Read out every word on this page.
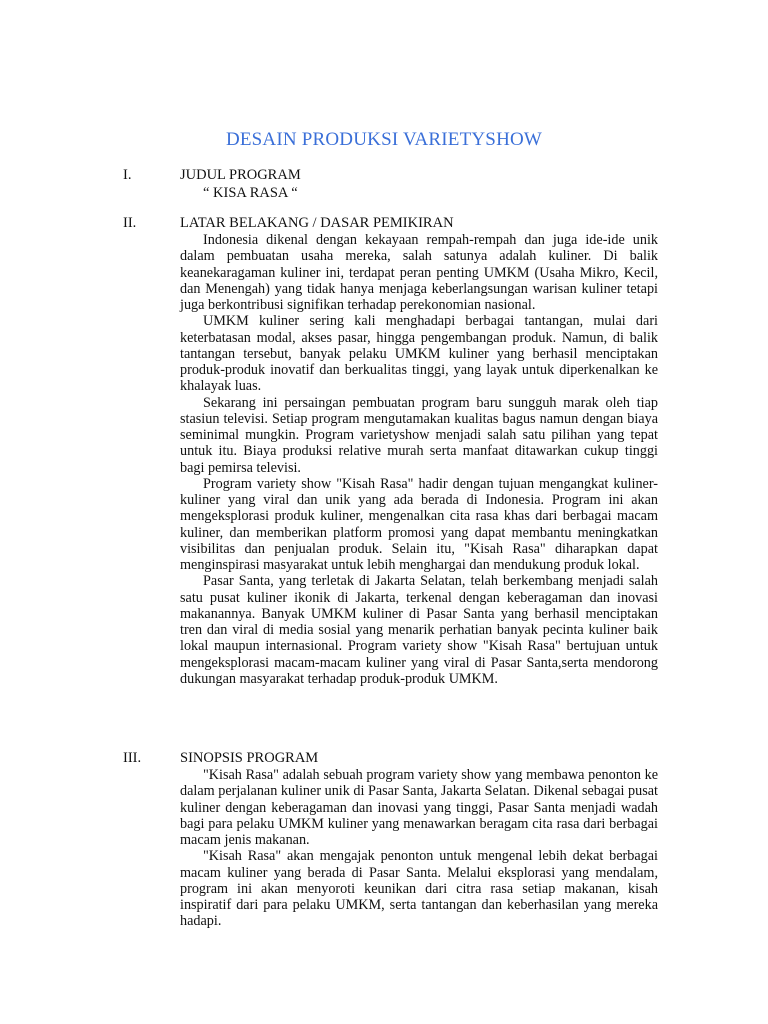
DESAIN PRODUKSI VARIETYSHOW
I.	JUDUL PROGRAM
“ KISA RASA “
II.	LATAR BELAKANG / DASAR PEMIKIRAN

Indonesia dikenal dengan kekayaan rempah-rempah dan juga ide-ide unik dalam pembuatan usaha mereka, salah satunya adalah kuliner. Di balik keanekaragaman kuliner ini, terdapat peran penting UMKM (Usaha Mikro, Kecil, dan Menengah) yang tidak hanya menjaga keberlangsungan warisan kuliner tetapi juga berkontribusi signifikan terhadap perekonomian nasional.

UMKM kuliner sering kali menghadapi berbagai tantangan, mulai dari keterbatasan modal, akses pasar, hingga pengembangan produk. Namun, di balik tantangan tersebut, banyak pelaku UMKM kuliner yang berhasil menciptakan produk-produk inovatif dan berkualitas tinggi, yang layak untuk diperkenalkan ke khalayak luas.

Sekarang ini persaingan pembuatan program baru sungguh marak oleh tiap stasiun televisi. Setiap program mengutamakan kualitas bagus namun dengan biaya seminimal mungkin. Program varietyshow menjadi salah satu pilihan yang tepat untuk itu. Biaya produksi relative murah serta manfaat ditawarkan cukup tinggi bagi pemirsa televisi.

Program variety show "Kisah Rasa" hadir dengan tujuan mengangkat kuliner-kuliner yang viral dan unik yang ada berada di Indonesia. Program ini akan mengeksplorasi produk kuliner, mengenalkan cita rasa khas dari berbagai macam kuliner, dan memberikan platform promosi yang dapat membantu meningkatkan visibilitas dan penjualan produk. Selain itu, "Kisah Rasa" diharapkan dapat menginspirasi masyarakat untuk lebih menghargai dan mendukung produk lokal.

Pasar Santa, yang terletak di Jakarta Selatan, telah berkembang menjadi salah satu pusat kuliner ikonik di Jakarta, terkenal dengan keberagaman dan inovasi makanannya. Banyak UMKM kuliner di Pasar Santa yang berhasil menciptakan tren dan viral di media sosial yang menarik perhatian banyak pecinta kuliner baik lokal maupun internasional. Program variety show "Kisah Rasa" bertujuan untuk mengeksplorasi macam-macam kuliner yang viral di Pasar Santa,serta mendorong dukungan masyarakat terhadap produk-produk UMKM.

III.	SINOPSIS PROGRAM

"Kisah Rasa" adalah sebuah program variety show yang membawa penonton ke dalam perjalanan kuliner unik di Pasar Santa, Jakarta Selatan. Dikenal sebagai pusat kuliner dengan keberagaman dan inovasi yang tinggi, Pasar Santa menjadi wadah bagi para pelaku UMKM kuliner yang menawarkan beragam cita rasa dari berbagai macam jenis makanan.

"Kisah Rasa" akan mengajak penonton untuk mengenal lebih dekat berbagai macam kuliner yang berada di Pasar Santa. Melalui eksplorasi yang mendalam, program ini akan menyoroti keunikan dari citra rasa setiap makanan, kisah inspiratif dari para pelaku UMKM, serta tantangan dan keberhasilan yang mereka hadapi.
